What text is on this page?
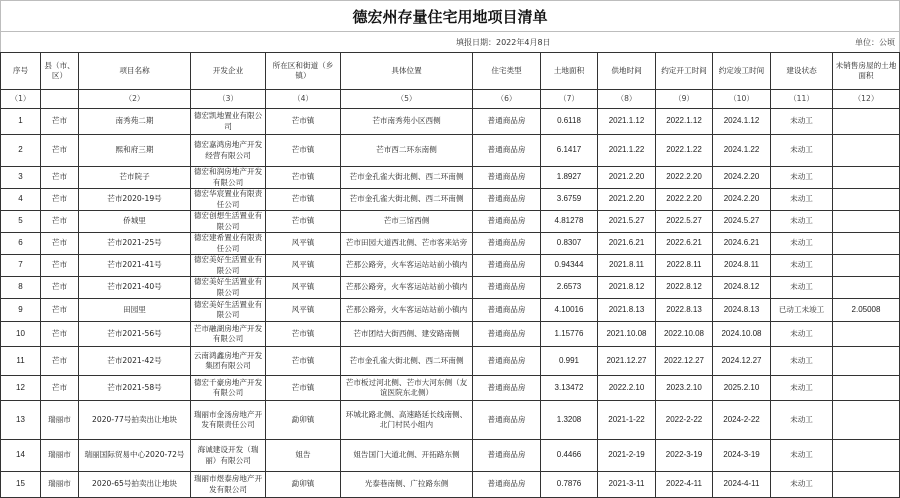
德宏州存量住宅用地项目清单
填报日期：2022年4月8日	单位：公顷
序号	县（市、区）	项目名称	开发企业	所在区和街道（乡镇）	具体位置	住宅类型	土地面积	供地时间	约定开工时间	约定竣工时间	建设状态	未销售房屋的土地面积
（1）		（2）	（3）	（4）	（5）	（6）	（7）	（8）	（9）	（10）	（11）	（12）
1	芒市	南秀苑二期	德宏凯地置业有限公司	芒市镇	芒市南秀苑小区西侧	普通商品房	0.6118	2021.1.12	2022.1.12	2024.1.12	未动工	
2	芒市	熙和府三期	德宏嘉鸿房地产开发经营有限公司	芒市镇	芒市西二环东南侧	普通商品房	6.1417	2021.1.22	2022.1.22	2024.1.22	未动工	
3	芒市	芒市院子	德宏和润房地产开发有限公司	芒市镇	芒市金孔雀大街北侧、西二环南侧	普通商品房	1.8927	2021.2.20	2022.2.20	2024.2.20	未动工	
4	芒市	芒市2020-19号	德宏华宸置业有限责任公司	芒市镇	芒市金孔雀大街北侧、西二环南侧	普通商品房	3.6759	2021.2.20	2022.2.20	2024.2.20	未动工	
5	芒市	侨城里	德宏创想生活置业有限公司	芒市镇	芒市三馆西侧	普通商品房	4.81278	2021.5.27	2022.5.27	2024.5.27	未动工	
6	芒市	芒市2021-25号	德宏建希置业有限责任公司	风平镇	芒市田园大道西北侧、芒市客来站旁	普通商品房	0.8307	2021.6.21	2022.6.21	2024.6.21	未动工	
7	芒市	芒市2021-41号	德宏美好生活置业有限公司	风平镇	芒那公路旁，火车客运站站前小镇内	普通商品房	0.94344	2021.8.11	2022.8.11	2024.8.11	未动工	
8	芒市	芒市2021-40号	德宏美好生活置业有限公司	风平镇	芒那公路旁，火车客运站站前小镇内	普通商品房	2.6573	2021.8.12	2022.8.12	2024.8.12	未动工	
9	芒市	田园里	德宏美好生活置业有限公司	风平镇	芒那公路旁，火车客运站站前小镇内	普通商品房	4.10016	2021.8.13	2022.8.13	2024.8.13	已动工未竣工	2.05008
10	芒市	芒市2021-56号	芒市融湖房地产开发有限公司	芒市镇	芒市团结大街西侧、建安路南侧	普通商品房	1.15776	2021.10.08	2022.10.08	2024.10.08	未动工	
11	芒市	芒市2021-42号	云南鸿鑫房地产开发集团有限公司	芒市镇	芒市金孔雀大街北侧、西二环南侧	普通商品房	0.991	2021.12.27	2022.12.27	2024.12.27	未动工	
12	芒市	芒市2021-58号	德宏千豪房地产开发有限公司	芒市镇	芒市板过河北侧、芒市大河东侧（友谊医院东北侧）	普通商品房	3.13472	2022.2.10	2023.2.10	2025.2.10	未动工	
13	瑞丽市	2020-77号拍卖出让地块	瑞丽市金汤房地产开发有限责任公司	勐卯镇	环城北路北侧、高速路延长线南侧、北门村民小组内	普通商品房	1.3208	2021-1-22	2022-2-22	2024-2-22	未动工	
14	瑞丽市	瑞丽国际贸易中心2020-72号	海诚建设开发（瑞丽）有限公司	姐告	姐告国门大道北侧、开拓路东侧	普通商品房	0.4466	2021-2-19	2022-3-19	2024-3-19	未动工	
15	瑞丽市	2020-65号拍卖出让地块	瑞丽市煜泰房地产开发有限公司	勐卯镇	光泰巷南侧、广拉路东侧	普通商品房	0.7876	2021-3-11	2022-4-11	2024-4-11	未动工	
